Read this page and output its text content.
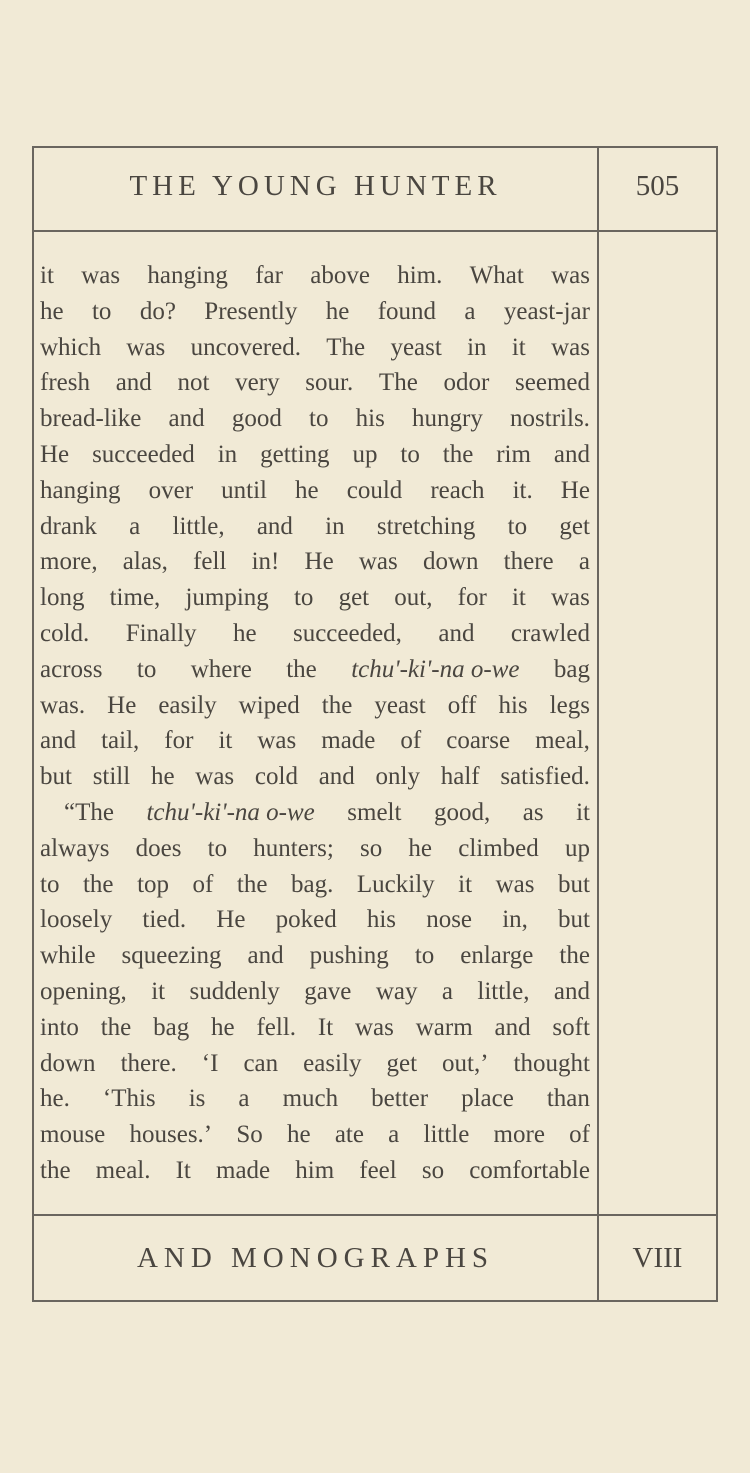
THE YOUNG HUNTER	505
AND MONOGRAPHS	VIII
it was hanging far above him. What was
he to do? Presently he found a yeast-jar
which was uncovered. The yeast in it was
fresh and not very sour. The odor seemed
bread-like and good to his hungry nostrils.
He succeeded in getting up to the rim and
hanging over until he could reach it. He
drank a little, and in stretching to get
more, alas, fell in! He was down there a
long time, jumping to get out, for it was
cold. Finally he succeeded, and crawled
across to where the tchu'-ki'-na o-we bag
was. He easily wiped the yeast off his legs
and tail, for it was made of coarse meal,
but still he was cold and only half satisfied.
“The tchu'-ki'-na o-we smelt good, as it
always does to hunters; so he climbed up
to the top of the bag. Luckily it was but
loosely tied. He poked his nose in, but
while squeezing and pushing to enlarge the
opening, it suddenly gave way a little, and
into the bag he fell. It was warm and soft
down there. ‘I can easily get out,’ thought
he. ‘This is a much better place than
mouse houses.’ So he ate a little more of
the meal. It made him feel so comfortable
